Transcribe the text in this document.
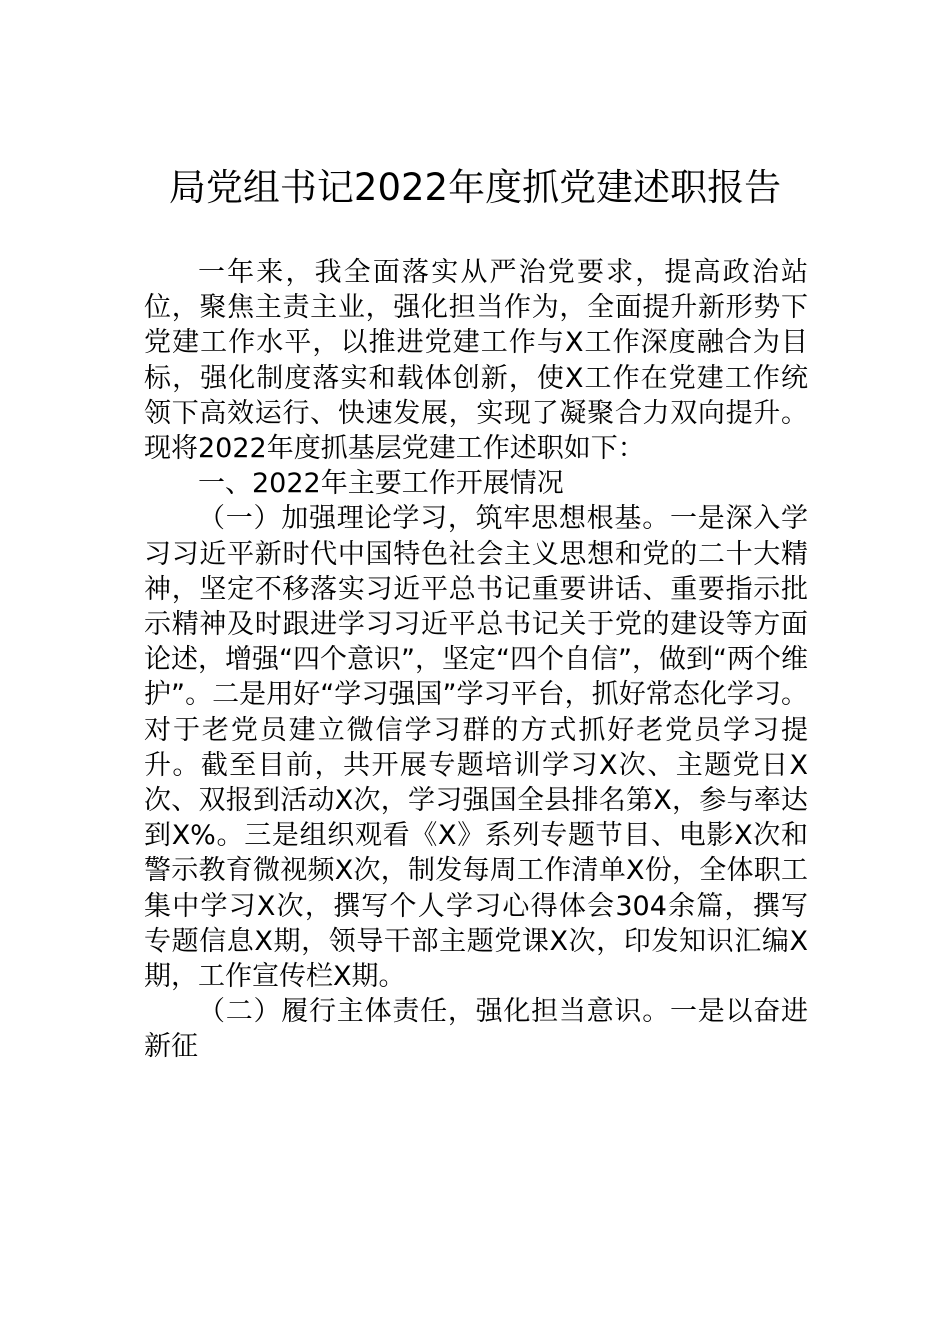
局党组书记2022年度抓党建述职报告

一年来，我全面落实从严治党要求，提高政治站位，聚焦主责主业，强化担当作为，全面提升新形势下党建工作水平，以推进党建工作与X工作深度融合为目标，强化制度落实和载体创新，使X工作在党建工作统领下高效运行、快速发展，实现了凝聚合力双向提升。现将2022年度抓基层党建工作述职如下：

一、2022年主要工作开展情况

（一）加强理论学习，筑牢思想根基。一是深入学习习近平新时代中国特色社会主义思想和党的二十大精神，坚定不移落实习近平总书记重要讲话、重要指示批示精神及时跟进学习习近平总书记关于党的建设等方面论述，增强“四个意识”，坚定“四个自信”，做到“两个维护”。二是用好“学习强国”学习平台，抓好常态化学习。对于老党员建立微信学习群的方式抓好老党员学习提升。截至目前，共开展专题培训学习X次、主题党日X次、双报到活动X次，学习强国全县排名第X，参与率达到X%。三是组织观看《X》系列专题节目、电影X次和警示教育微视频X次，制发每周工作清单X份，全体职工集中学习X次，撰写个人学习心得体会304余篇，撰写专题信息X期，领导干部主题党课X次，印发知识汇编X期，工作宣传栏X期。

（二）履行主体责任，强化担当意识。一是以奋进新征
